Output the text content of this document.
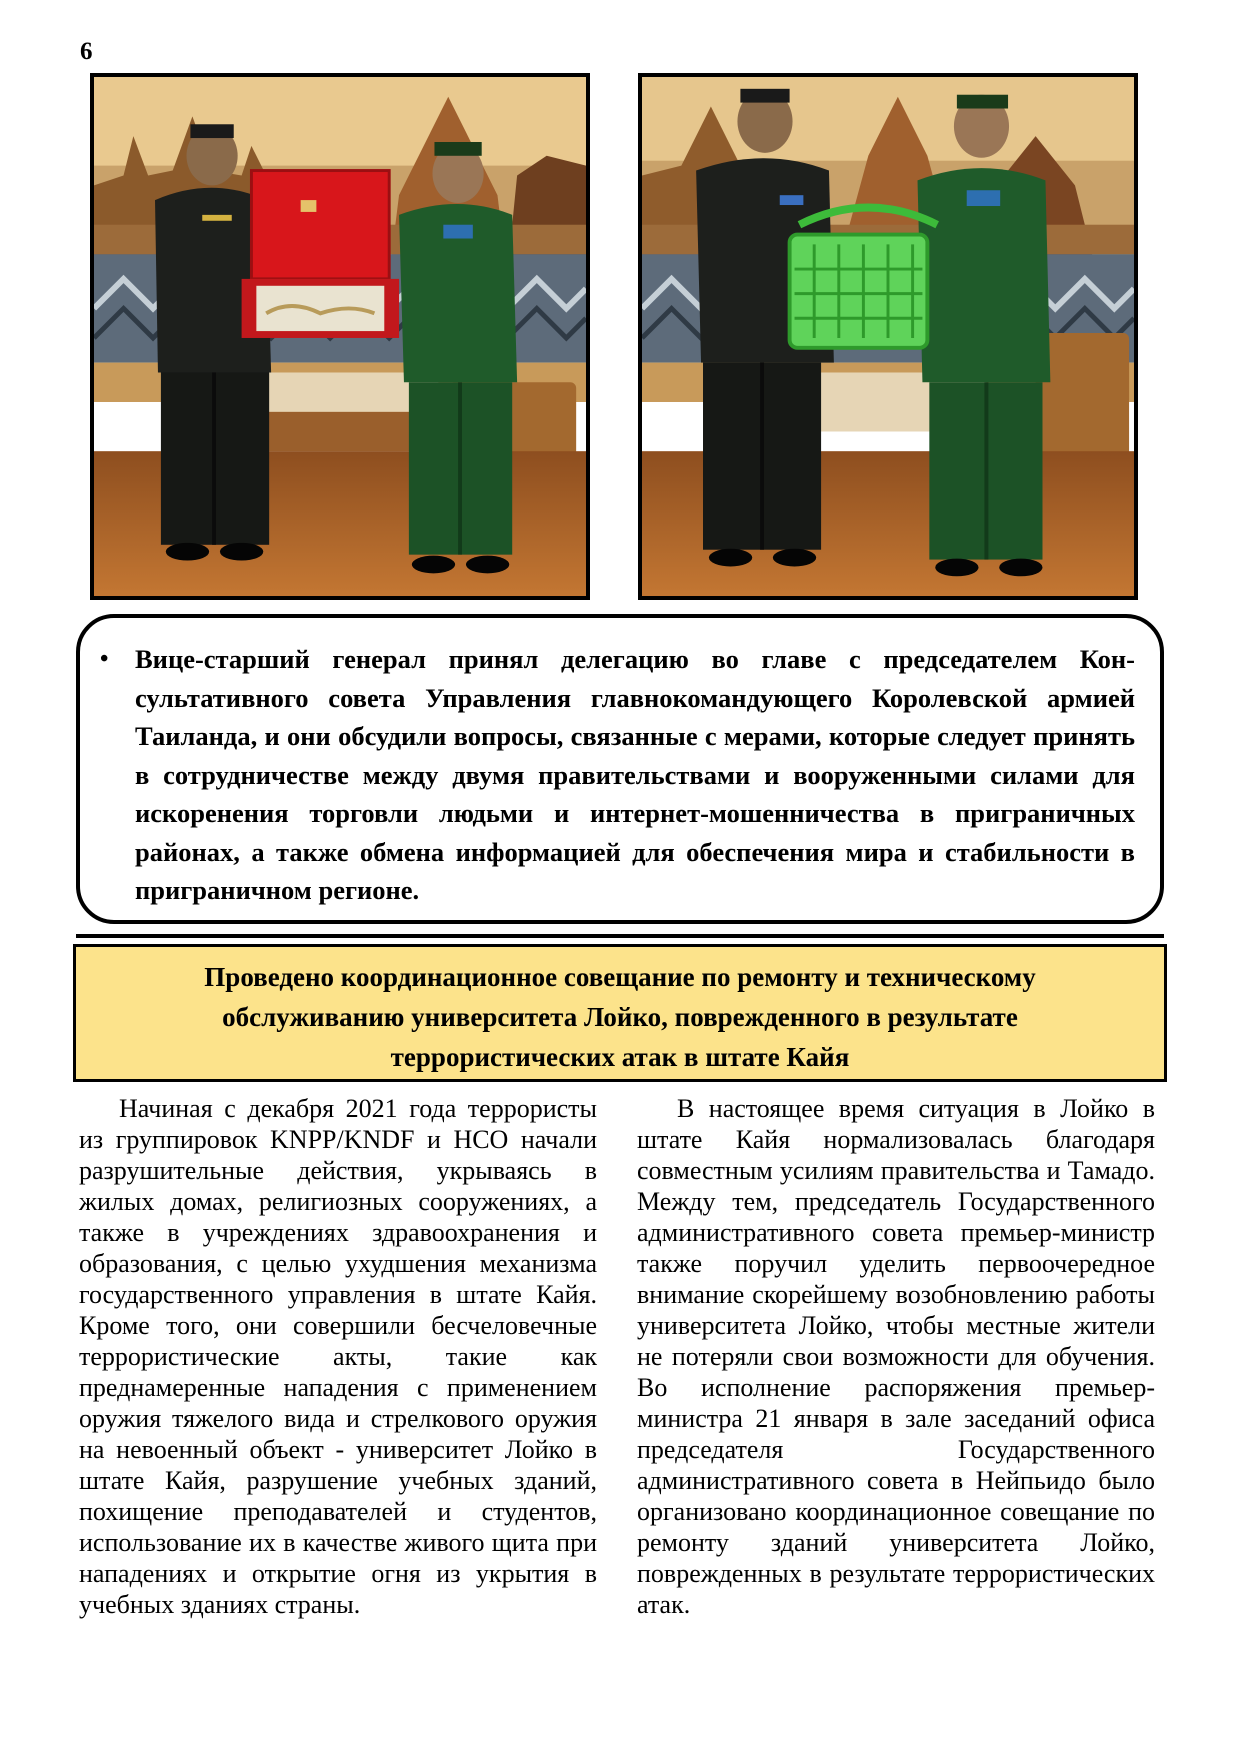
6
• Вице-старший генерал принял делегацию во главе с председателем Консультативного совета Управления главнокомандующего Королевской армией Таиланда, и они обсудили вопросы, связанные с мерами, которые следует принять в сотрудничестве между двумя правительствами и вооруженными силами для искоренения торговли людьми и интернет-мошенничества в приграничных районах, а также обмена информацией для обеспечения мира и стабильности в приграничном регионе.
Проведено координационное совещание по ремонту и техническому
обслуживанию университета Лойко, поврежденного в результате
террористических атак в штате Кайя
Начиная с декабря 2021 года террористы из группировок KNPP/KNDF и НСО начали разрушительные действия, укрываясь в жилых домах, религиозных сооружениях, а также в учреждениях здравоохранения и образования, с целью ухудшения механизма государственного управления в штате Кайя. Кроме того, они совершили бесчеловечные террористические акты, такие как преднамеренные нападения с применением оружия тяжелого вида и стрелкового оружия на невоенный объект - университет Лойко в штате Кайя, разрушение учебных зданий, похищение преподавателей и студентов, использование их в качестве живого щита при нападениях и открытие огня из укрытия в учебных зданиях страны.
В настоящее время ситуация в Лойко в штате Кайя нормализовалась благодаря совместным усилиям правительства и Тамадо. Между тем, председатель Государственного административного совета премьер-министр также поручил уделить первоочередное внимание скорейшему возобновлению работы университета Лойко, чтобы местные жители не потеряли свои возможности для обучения. Во исполнение распоряжения премьер-министра 21 января в зале заседаний офиса председателя Государственного административного совета в Нейпьидо было организовано координационное совещание по ремонту зданий университета Лойко, поврежденных в результате террористических атак.
